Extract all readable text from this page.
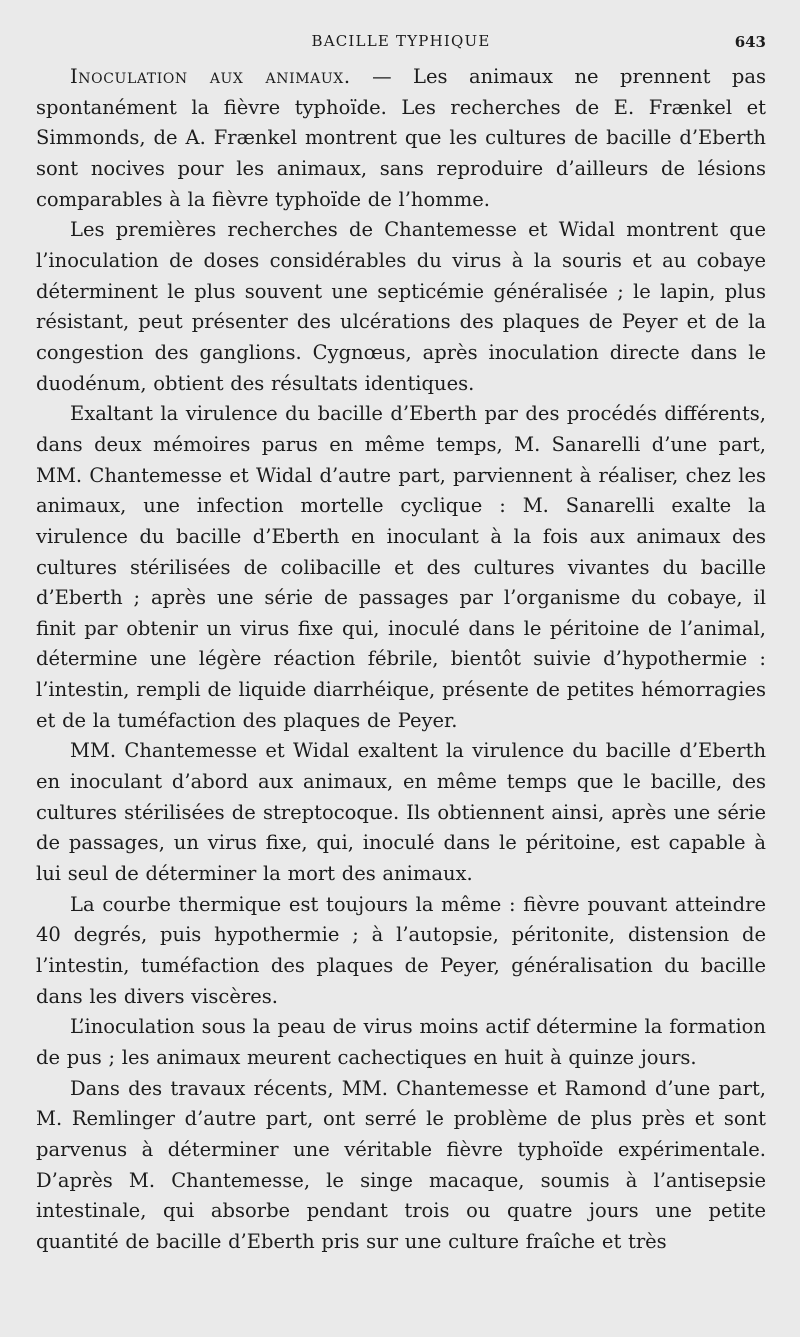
BACILLE TYPHIQUE	643

Inoculation aux animaux. — Les animaux ne prennent pas spontanément la fièvre typhoïde. Les recherches de E. Frænkel et Simmonds, de A. Frænkel montrent que les cultures de bacille d’Eberth sont nocives pour les animaux, sans reproduire d’ailleurs de lésions comparables à la fièvre typhoïde de l’homme.

Les premières recherches de Chantemesse et Widal montrent que l’inoculation de doses considérables du virus à la souris et au cobaye déterminent le plus souvent une septicémie généralisée ; le lapin, plus résistant, peut présenter des ulcérations des plaques de Peyer et de la congestion des ganglions. Cygnœus, après inoculation directe dans le duodénum, obtient des résultats identiques.

Exaltant la virulence du bacille d’Eberth par des procédés différents, dans deux mémoires parus en même temps, M. Sanarelli d’une part, MM. Chantemesse et Widal d’autre part, parviennent à réaliser, chez les animaux, une infection mortelle cyclique : M. Sanarelli exalte la virulence du bacille d’Eberth en inoculant à la fois aux animaux des cultures stérilisées de colibacille et des cultures vivantes du bacille d’Eberth ; après une série de passages par l’organisme du cobaye, il finit par obtenir un virus fixe qui, inoculé dans le péritoine de l’animal, détermine une légère réaction fébrile, bientôt suivie d’hypothermie : l’intestin, rempli de liquide diarrhéique, présente de petites hémorragies et de la tuméfaction des plaques de Peyer.

MM. Chantemesse et Widal exaltent la virulence du bacille d’Eberth en inoculant d’abord aux animaux, en même temps que le bacille, des cultures stérilisées de streptocoque. Ils obtiennent ainsi, après une série de passages, un virus fixe, qui, inoculé dans le péritoine, est capable à lui seul de déterminer la mort des animaux.

La courbe thermique est toujours la même : fièvre pouvant atteindre 40 degrés, puis hypothermie ; à l’autopsie, péritonite, distension de l’intestin, tuméfaction des plaques de Peyer, généralisation du bacille dans les divers viscères.

L’inoculation sous la peau de virus moins actif détermine la formation de pus ; les animaux meurent cachectiques en huit à quinze jours.

Dans des travaux récents, MM. Chantemesse et Ramond d’une part, M. Remlinger d’autre part, ont serré le problème de plus près et sont parvenus à déterminer une véritable fièvre typhoïde expérimentale. D’après M. Chantemesse, le singe macaque, soumis à l’antisepsie intestinale, qui absorbe pendant trois ou quatre jours une petite quantité de bacille d’Eberth pris sur une culture fraîche et très
